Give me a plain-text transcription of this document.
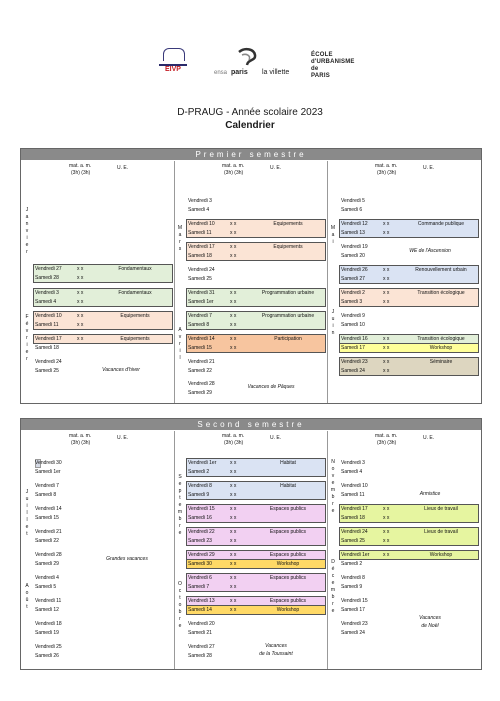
EIVP	ensa paris la villette
ÉCOLE
d'URBANISME
de
PARIS
D-PRAUG - Année scolaire 2023
Calendrier
Premier semestre
mat. a. m.
(3h) (3h)
U. E.	mat. a. m.
(3h) (3h)
U. E.	mat. a. m.
(3h) (3h)
U. E.
J
a
n
v
i
e
r
F
é
v
r
i
e
r
Vendredi 27	x x	Fondamentaux
Samedi 28	x x
Vendredi 3	x x	Fondamentaux
Samedi 4	x x
Vendredi 10	x x	Equipements
Samedi 11	x x
Vendredi 17	x x	Equipements
Samedi 18
Vendredi 24
Samedi 25	Vacances d'hiver
M
a
r
s
A
v
r
i
l
Vendredi 3
Samedi 4
Vendredi 10	x x	Equipements
Samedi 11	x x
Vendredi 17	x x	Equipements
Samedi 18	x x
Vendredi 24
Samedi 25
Vendredi 31	x x	Programmation urbaine
Samedi 1er	x x
Vendredi 7	x x	Programmation urbaine
Samedi 8	x x
Vendredi 14	x x	Participation
Samedi 15	x x
Vendredi 21
Samedi 22
Vendredi 28
Samedi 29
Vacances de Pâques
M
a
i
J
u
i
n
Vendredi 5
Samedi 6
Vendredi 12	x x	Commande publique
Samedi 13	x x
Vendredi 19
Samedi 20
Vendredi 26	x x	Renouvellement urbain
Samedi 27	x x
Vendredi 2	x x	Transition écologique
Samedi 3	x x
Vendredi 9
Samedi 10
Vendredi 16	x x	Transition écologique
Samedi 17	x x	Workshop
Vendredi 23	x x	Séminaire
Samedi 24	x x
WE de l'Ascension
Second semestre
mat. a. m.
(3h) (3h)
U. E.	mat. a. m.
(3h) (3h)
U. E.	mat. a. m.
(3h) (3h)
U. E.
J
u
i
l
l
e
t
A
o
û
t
Vendredi 30
Samedi 1er
Vendredi 7
Samedi 8
Vendredi 14
Samedi 15
Vendredi 21
Samedi 22
Vendredi 28
Samedi 29
Vendredi 4
Samedi 5
Vendredi 11
Samedi 12
Vendredi 18
Samedi 19
Vendredi 25
Samedi 26
Grandes vacances
S
e
p
t
e
m
b
r
e
O
c
t
o
b
r
e
Vendredi 1er	x x	Habitat
Samedi 2	x x
Vendredi 8	x x	Habitat
Samedi 9	x x
Vendredi 15	x x	Espaces publics
Samedi 16	x x
Vendredi 22	x x	Espaces publics
Samedi 23	x x
Vendredi 29	x x	Espaces publics
Samedi 30	x x	Workshop
Vendredi 6	x x	Espaces publics
Samedi 7	x x
Vendredi 13	x x	Espaces publics
Samedi 14	x x	Workshop
Vendredi 20
Samedi 21
Vendredi 27
Samedi 28
Vacances
de la Toussaint
N
o
v
e
m
b
r
e
D
é
c
e
m
b
r
e
Vendredi 3
Samedi 4
Vendredi 10
Samedi 11
Vendredi 17	x x	Lieux de travail
Samedi 18	x x
Vendredi 24	x x	Lieux de travail
Samedi 25	x x
Vendredi 1er	x x	Workshop
Samedi 2
Vendredi 8
Samedi 9
Vendredi 15
Samedi 17
Vendredi 23
Samedi 24
Armistice
Vacances
de Noël
